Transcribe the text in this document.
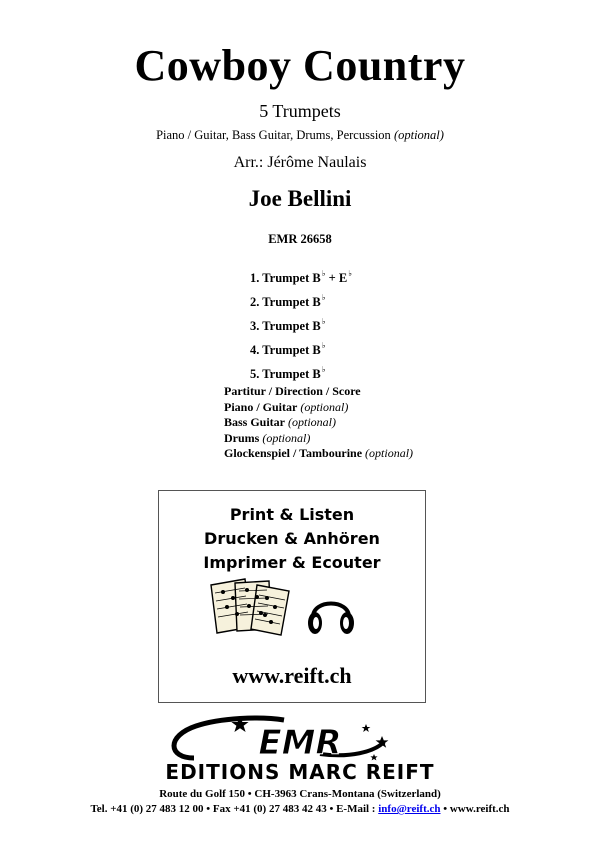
Cowboy Country
5 Trumpets
Piano / Guitar, Bass Guitar, Drums, Percussion (optional)
Arr.: Jérôme Naulais
Joe Bellini
EMR 26658
1. Trumpet B♭ + E♭
2. Trumpet B♭
3. Trumpet B♭
4. Trumpet B♭
5. Trumpet B♭
Partitur / Direction / Score
Piano / Guitar (optional)
Bass Guitar (optional)
Drums (optional)
Glockenspiel / Tambourine (optional)
Print & Listen
Drucken & Anhören
Imprimer & Ecouter
www.reift.ch
EMR
EDITIONS MARC REIFT
Route du Golf 150 • CH-3963 Crans-Montana (Switzerland)
Tel. +41 (0) 27 483 12 00 • Fax +41 (0) 27 483 42 43 • E-Mail : info@reift.ch • www.reift.ch
